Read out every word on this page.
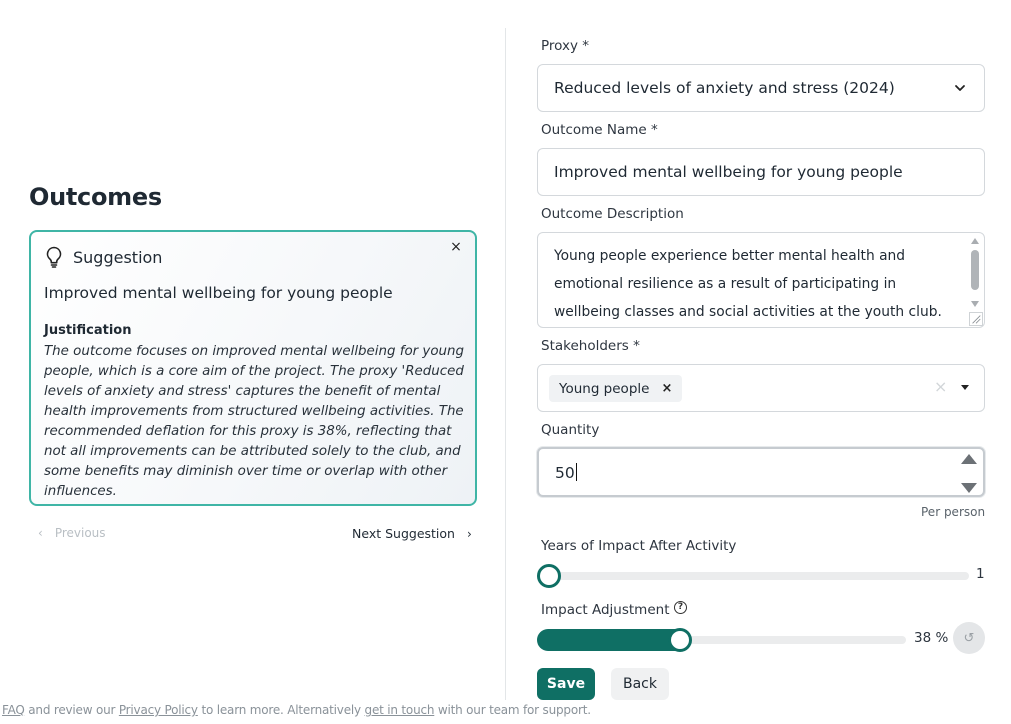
Outcomes
Suggestion
×
Improved mental wellbeing for young people
Justification
The outcome focuses on improved mental wellbeing for young people, which is a core aim of the project. The proxy 'Reduced levels of anxiety and stress' captures the benefit of mental health improvements from structured wellbeing activities. The recommended deflation for this proxy is 38%, reflecting that not all improvements can be attributed solely to the club, and some benefits may diminish over time or overlap with other influences.
‹ Previous	Next Suggestion ›
FAQ and review our Privacy Policy to learn more. Alternatively get in touch with our team for support.
Proxy *
Reduced levels of anxiety and stress (2024)
Outcome Name *
Improved mental wellbeing for young people
Outcome Description
Young people experience better mental health and emotional resilience as a result of participating in wellbeing classes and social activities at the youth club.
Stakeholders *
Young people ×	×
Quantity
50
Per person
Years of Impact After Activity
1
Impact Adjustment ?
38 %	↺
Save	Back
